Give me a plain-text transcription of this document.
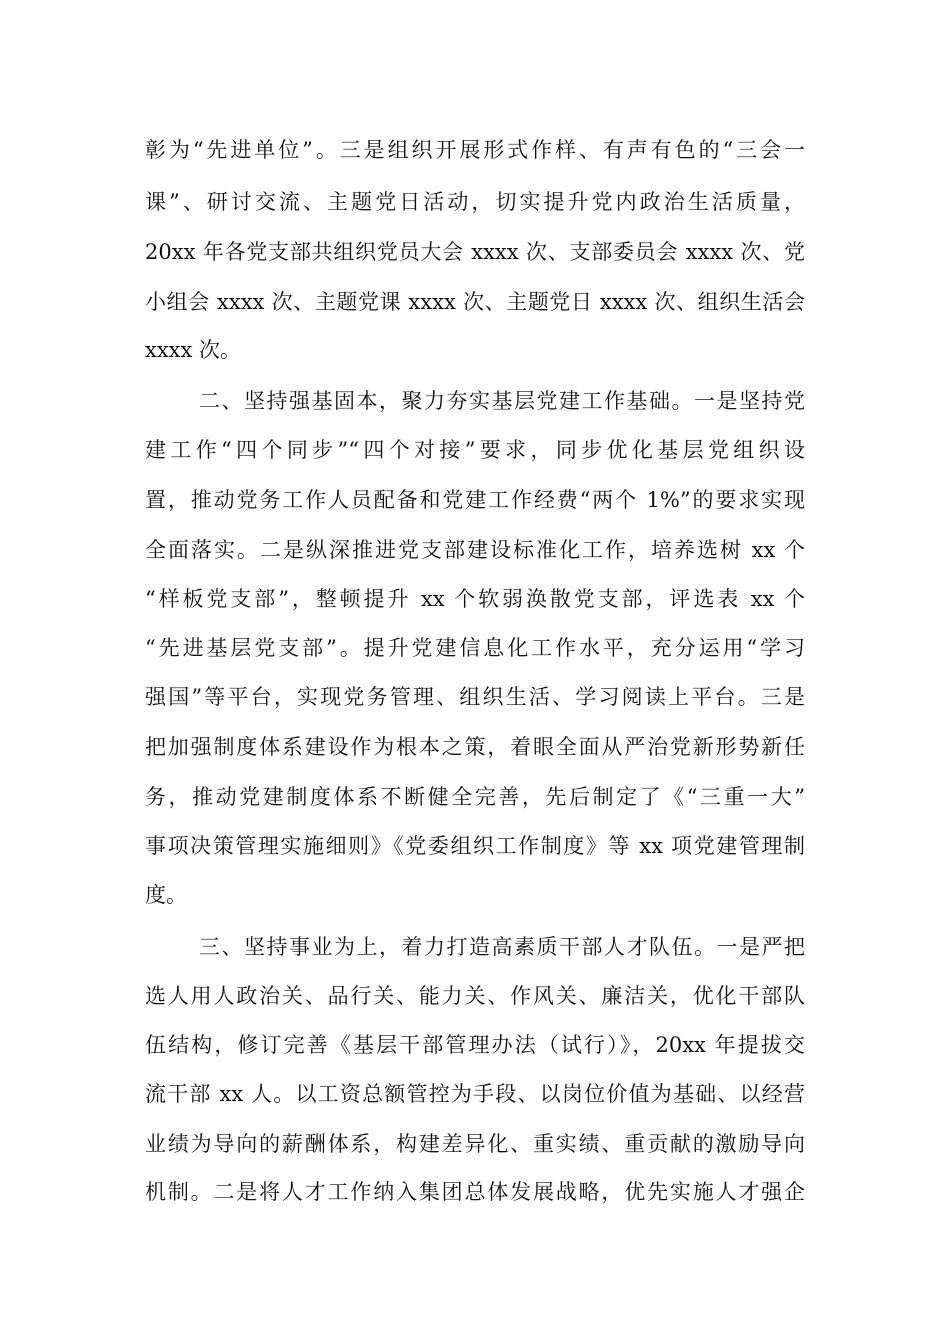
彰为“先进单位”。三是组织开展形式作样、有声有色的“三会一
课”、研讨交流、主题党日活动，切实提升党内政治生活质量，
20xx 年各党支部共组织党员大会 xxxx 次、支部委员会 xxxx 次、党
小组会 xxxx 次、主题党课 xxxx 次、主题党日 xxxx 次、组织生活会
xxxx 次。
二、坚持强基固本，聚力夯实基层党建工作基础。一是坚持党
建工作“四个同步”“四个对接”要求，同步优化基层党组织设
置，推动党务工作人员配备和党建工作经费“两个 1%”的要求实现
全面落实。二是纵深推进党支部建设标准化工作，培养选树 xx 个
“样板党支部”，整顿提升 xx 个软弱涣散党支部，评选表 xx 个
“先进基层党支部”。提升党建信息化工作水平，充分运用“学习
强国”等平台，实现党务管理、组织生活、学习阅读上平台。三是
把加强制度体系建设作为根本之策，着眼全面从严治党新形势新任
务，推动党建制度体系不断健全完善，先后制定了《“三重一大”
事项决策管理实施细则》《党委组织工作制度》等 xx 项党建管理制
度。
三、坚持事业为上，着力打造高素质干部人才队伍。一是严把
选人用人政治关、品行关、能力关、作风关、廉洁关，优化干部队
伍结构，修订完善《基层干部管理办法（试行）》，20xx 年提拔交
流干部 xx 人。以工资总额管控为手段、以岗位价值为基础、以经营
业绩为导向的薪酬体系，构建差异化、重实绩、重贡献的激励导向
机制。二是将人才工作纳入集团总体发展战略，优先实施人才强企
